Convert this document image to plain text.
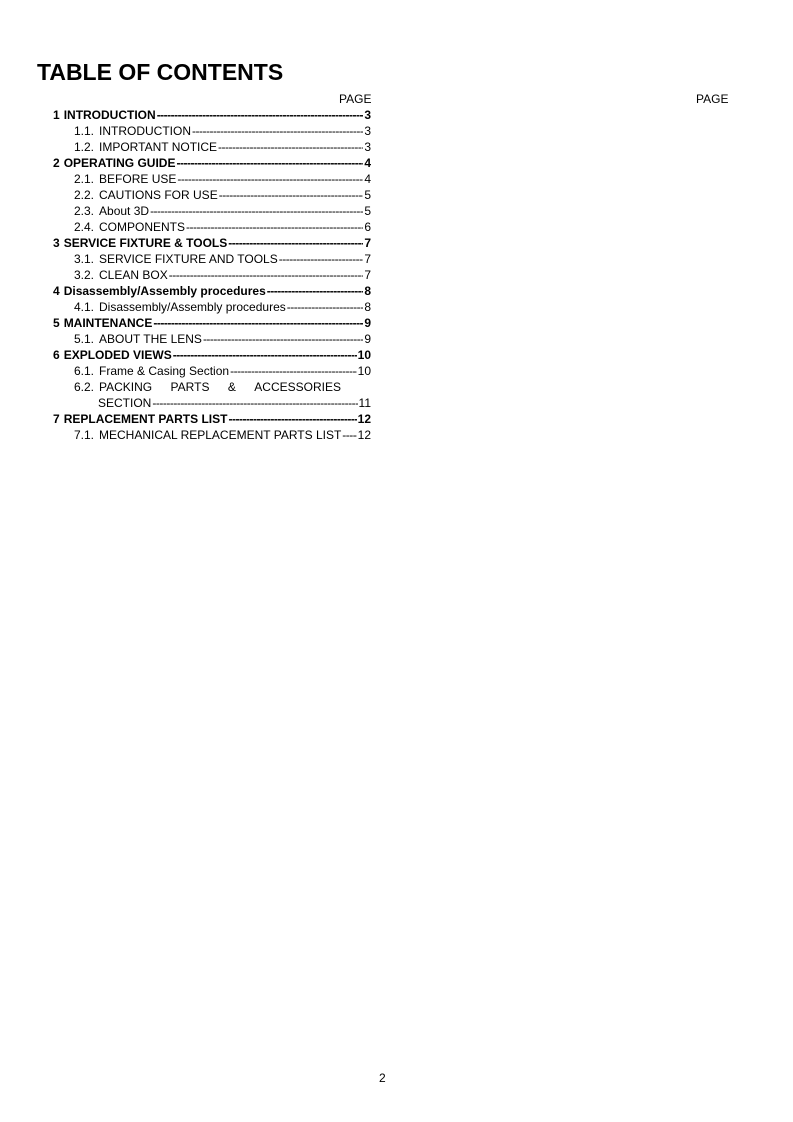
TABLE OF CONTENTS
PAGE	PAGE
1 INTRODUCTION -----	3
1.1. INTRODUCTION -----	3
1.2. IMPORTANT NOTICE -----	3
2 OPERATING GUIDE -----	4
2.1. BEFORE USE -----	4
2.2. CAUTIONS FOR USE -----	5
2.3. About 3D -----	5
2.4. COMPONENTS -----	6
3 SERVICE FIXTURE & TOOLS -----	7
3.1. SERVICE FIXTURE AND TOOLS -----	7
3.2. CLEAN BOX -----	7
4 Disassembly/Assembly procedures -----	8
4.1. Disassembly/Assembly procedures -----	8
5 MAINTENANCE -----	9
5.1. ABOUT THE LENS -----	9
6 EXPLODED VIEWS -----	10
6.1. Frame & Casing Section -----	10
6.2. PACKING PARTS & ACCESSORIES
SECTION -----	11
7 REPLACEMENT PARTS LIST -----	12
7.1. MECHANICAL REPLACEMENT PARTS LIST ----- 12
2
